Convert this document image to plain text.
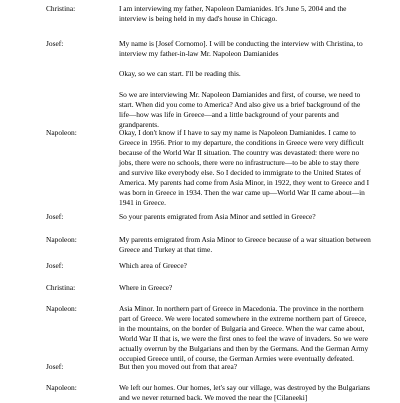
Christina:	I am interviewing my father, Napoleon Damianides. It's June 5, 2004 and the interview is being held in my dad's house in Chicago.

Josef:	My name is [Josef Cornomo]. I will be conducting the interview with Christina, to interview my father-in-law Mr. Napoleon Damianides

Okay, so we can start. I'll be reading this.

So we are interviewing Mr. Napoleon Damianides and first, of course, we need to start. When did you come to America? And also give us a brief background of the life—how was life in Greece—and a little background of your parents and grandparents.

Napoleon:	Okay, I don't know if I have to say my name is Napoleon Damianides. I came to Greece in 1956. Prior to my departure, the conditions in Greece were very difficult because of the World War II situation. The country was devastated: there were no jobs, there were no schools, there were no infrastructure—to be able to stay there and survive like everybody else. So I decided to immigrate to the United States of America. My parents had come from Asia Minor, in 1922, they went to Greece and I was born in Greece in 1934. Then the war came up—World War II came about—in 1941 in Greece.

Josef:	So your parents emigrated from Asia Minor and settled in Greece?

Napoleon:	My parents emigrated from Asia Minor to Greece because of a war situation between Greece and Turkey at that time.

Josef:	Which area of Greece?

Christina:	Where in Greece?

Napoleon:	Asia Minor. In northern part of Greece in Macedonia. The province in the northern part of Greece. We were located somewhere in the extreme northern part of Greece, in the mountains, on the border of Bulgaria and Greece. When the war came about, World War II that is, we were the first ones to feel the wave of invaders. So we were actually overrun by the Bulgarians and then by the Germans. And the German Army occupied Greece until, of course, the German Armies were eventually defeated.

Josef:	But then you moved out from that area?

Napoleon:	We left our homes. Our homes, let's say our village, was destroyed by the Bulgarians and we never returned back. We moved the near the [Cilaneeki]
